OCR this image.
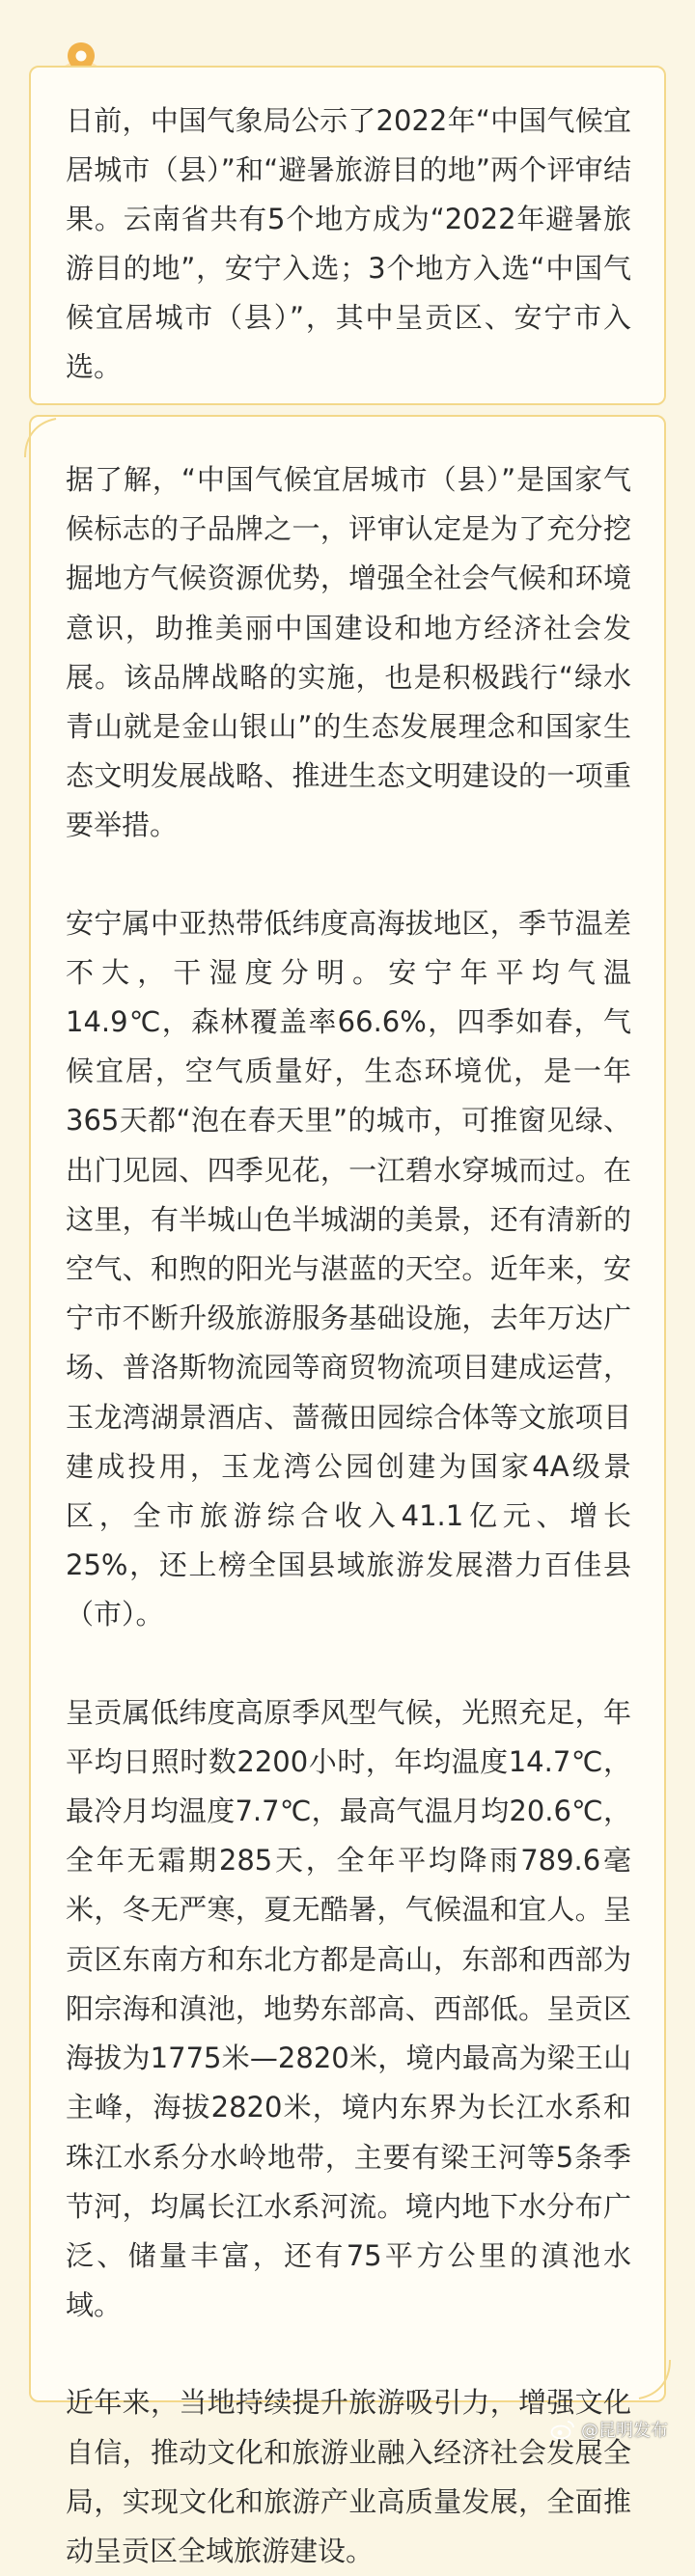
日前，中国气象局公示了2022年“中国气候宜居城市（县）”和“避暑旅游目的地”两个评审结果。云南省共有5个地方成为“2022年避暑旅游目的地”，安宁入选；3个地方入选“中国气候宜居城市（县）”，其中呈贡区、安宁市入选。

据了解，“中国气候宜居城市（县）”是国家气候标志的子品牌之一，评审认定是为了充分挖掘地方气候资源优势，增强全社会气候和环境意识，助推美丽中国建设和地方经济社会发展。该品牌战略的实施，也是积极践行“绿水青山就是金山银山”的生态发展理念和国家生态文明发展战略、推进生态文明建设的一项重要举措。

安宁属中亚热带低纬度高海拔地区，季节温差不大，干湿度分明。安宁年平均气温14.9℃，森林覆盖率66.6%，四季如春，气候宜居，空气质量好，生态环境优，是一年365天都“泡在春天里”的城市，可推窗见绿、出门见园、四季见花，一江碧水穿城而过。在这里，有半城山色半城湖的美景，还有清新的空气、和煦的阳光与湛蓝的天空。近年来，安宁市不断升级旅游服务基础设施，去年万达广场、普洛斯物流园等商贸物流项目建成运营，玉龙湾湖景酒店、蔷薇田园综合体等文旅项目建成投用，玉龙湾公园创建为国家4A级景区，全市旅游综合收入41.1亿元、增长25%，还上榜全国县域旅游发展潜力百佳县（市）。

呈贡属低纬度高原季风型气候，光照充足，年平均日照时数2200小时，年均温度14.7℃，最冷月均温度7.7℃，最高气温月均20.6℃，全年无霜期285天，全年平均降雨789.6毫米，冬无严寒，夏无酷暑，气候温和宜人。呈贡区东南方和东北方都是高山，东部和西部为阳宗海和滇池，地势东部高、西部低。呈贡区海拔为1775米—2820米，境内最高为梁王山主峰，海拔2820米，境内东界为长江水系和珠江水系分水岭地带，主要有梁王河等5条季节河，均属长江水系河流。境内地下水分布广泛、储量丰富，还有75平方公里的滇池水域。

近年来，当地持续提升旅游吸引力，增强文化自信，推动文化和旅游业融入经济社会发展全局，实现文化和旅游产业高质量发展，全面推动呈贡区全域旅游建设。

@昆明发布
